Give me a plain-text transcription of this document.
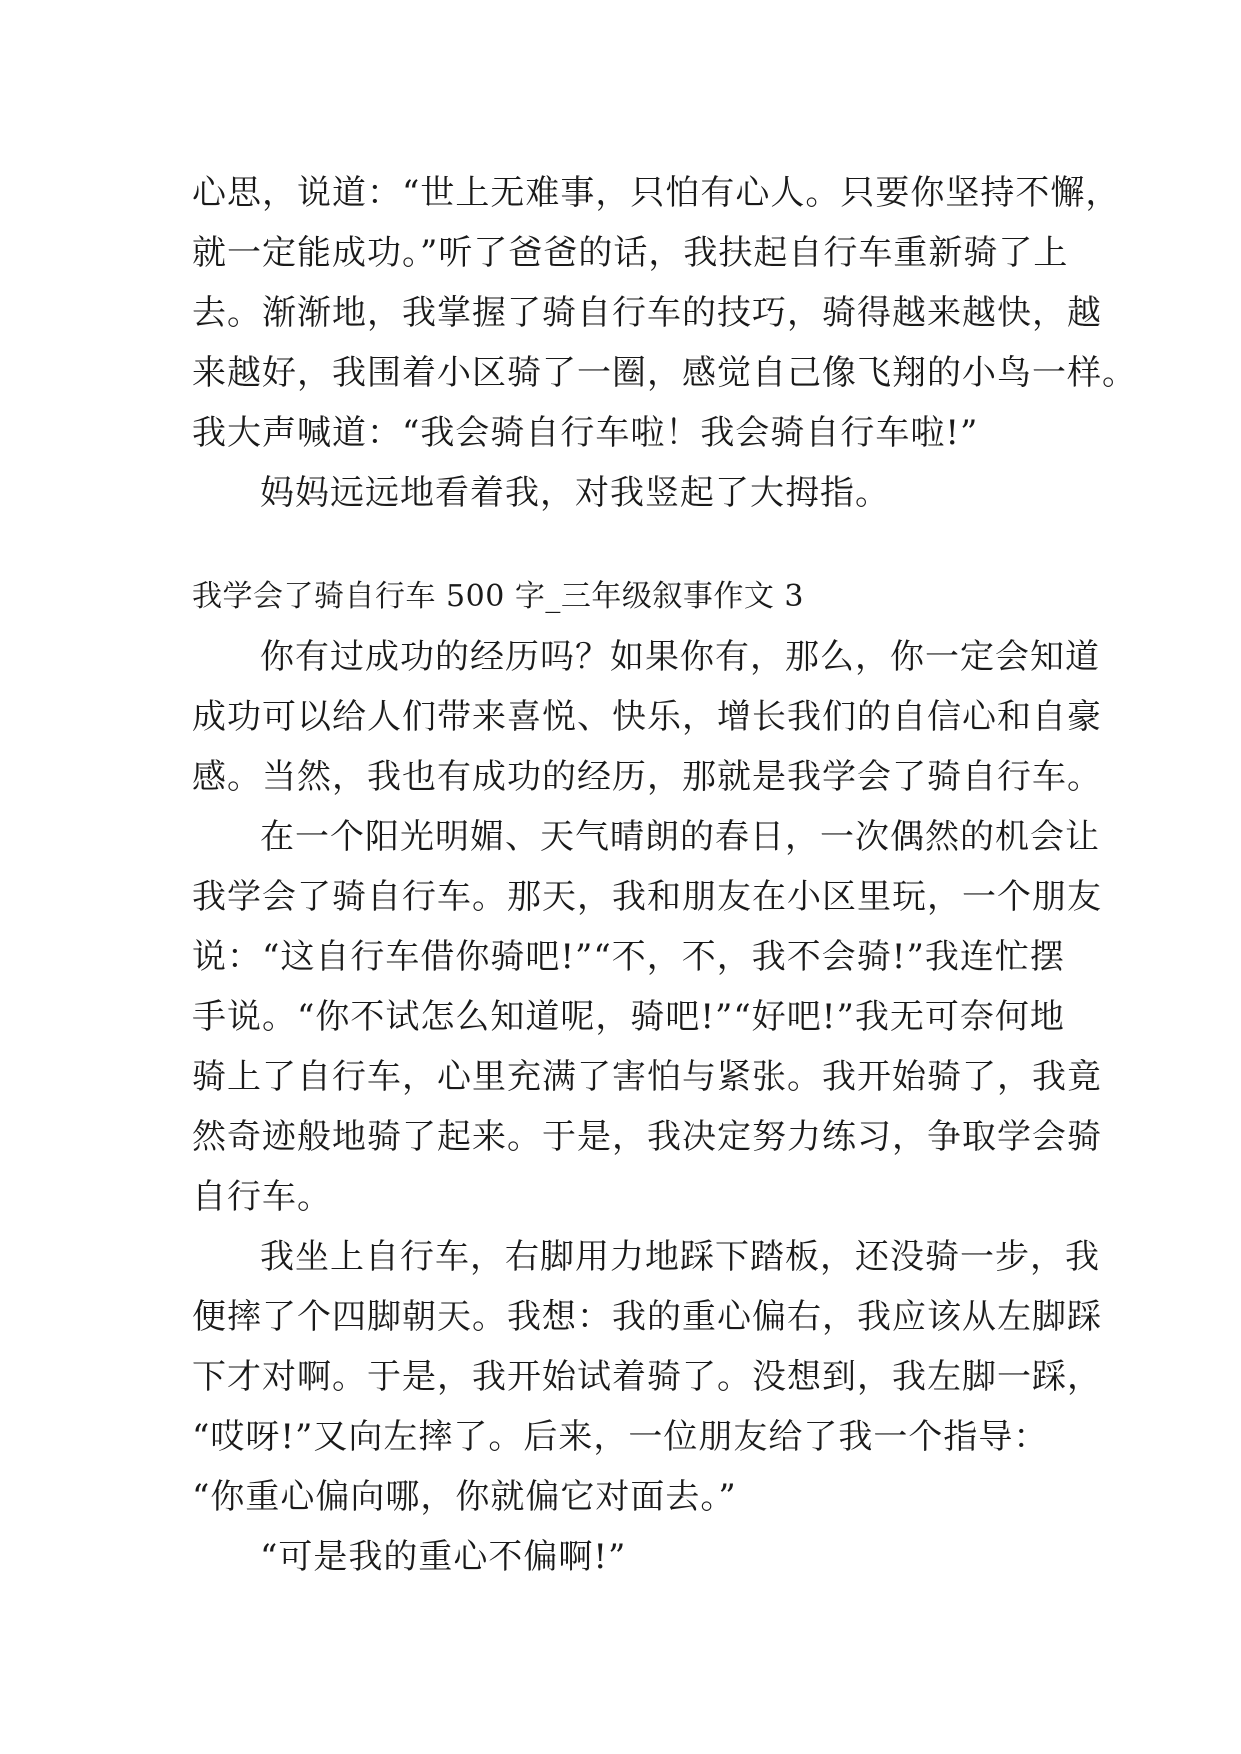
心思，说道：“世上无难事，只怕有心人。只要你坚持不懈，
就一定能成功。”听了爸爸的话，我扶起自行车重新骑了上
去。渐渐地，我掌握了骑自行车的技巧，骑得越来越快，越
来越好，我围着小区骑了一圈，感觉自己像飞翔的小鸟一样。
我大声喊道：“我会骑自行车啦！我会骑自行车啦!”
妈妈远远地看着我，对我竖起了大拇指。
我学会了骑自行车 500 字_三年级叙事作文 3
你有过成功的经历吗？如果你有，那么，你一定会知道
成功可以给人们带来喜悦、快乐，增长我们的自信心和自豪
感。当然，我也有成功的经历，那就是我学会了骑自行车。
在一个阳光明媚、天气晴朗的春日，一次偶然的机会让
我学会了骑自行车。那天，我和朋友在小区里玩，一个朋友
说：“这自行车借你骑吧!”“不，不，我不会骑!”我连忙摆
手说。“你不试怎么知道呢，骑吧!”“好吧!”我无可奈何地
骑上了自行车，心里充满了害怕与紧张。我开始骑了，我竟
然奇迹般地骑了起来。于是，我决定努力练习，争取学会骑
自行车。
我坐上自行车，右脚用力地踩下踏板，还没骑一步，我
便摔了个四脚朝天。我想：我的重心偏右，我应该从左脚踩
下才对啊。于是，我开始试着骑了。没想到，我左脚一踩，
“哎呀!”又向左摔了。后来，一位朋友给了我一个指导：
“你重心偏向哪，你就偏它对面去。”
“可是我的重心不偏啊!”
